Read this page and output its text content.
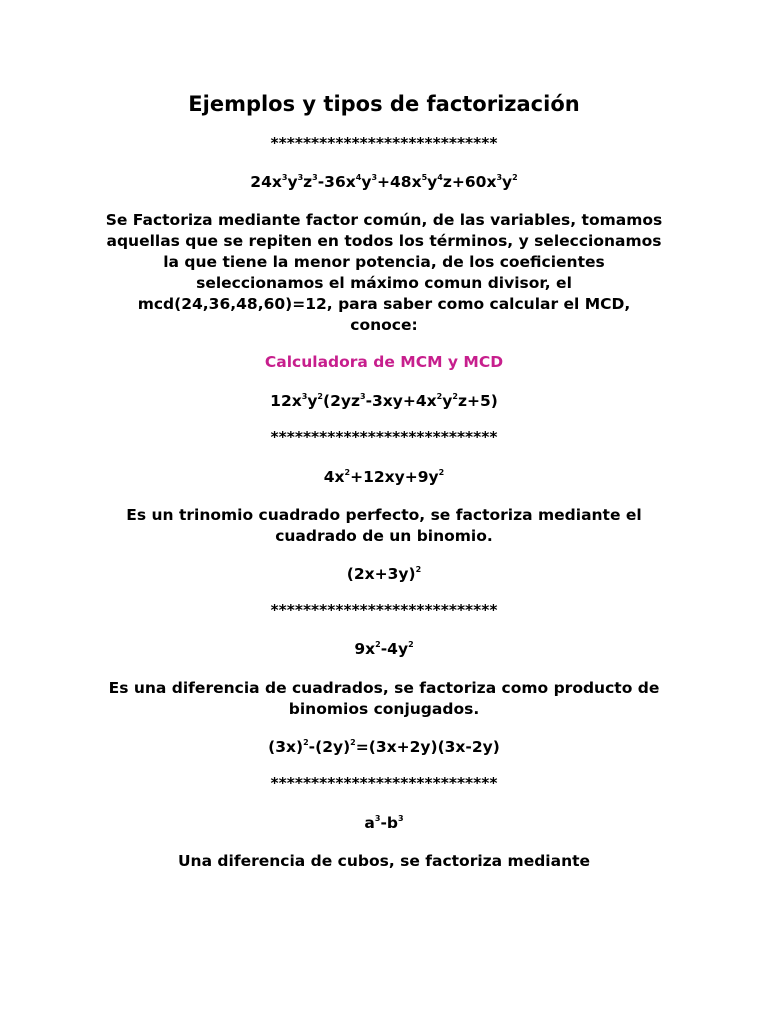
Ejemplos y tipos de factorización
****************************
$24x^3y^3z^3-36x^4y^3+48x^5y^4z+60x^3y^2$
Se Factoriza mediante factor común, de las variables, tomamos aquellas que se repiten en todos los términos, y seleccionamos la que tiene la menor potencia, de los coeficientes seleccionamos el máximo comun divisor, el mcd(24,36,48,60)=12, para saber como calcular el MCD, conoce:
Calculadora de MCM y MCD
$12x^3y^2(2yz^3-3xy+4x^2y^2z+5)$
****************************
$4x^2+12xy+9y^2$
Es un trinomio cuadrado perfecto, se factoriza mediante el cuadrado de un binomio.
$(2x+3y)^2$
****************************
$9x^2-4y^2$
Es una diferencia de cuadrados, se factoriza como producto de binomios conjugados.
$(3x)^2-(2y)^2=(3x+2y)(3x-2y)$
****************************
$a^3-b^3$
Una diferencia de cubos, se factoriza mediante
